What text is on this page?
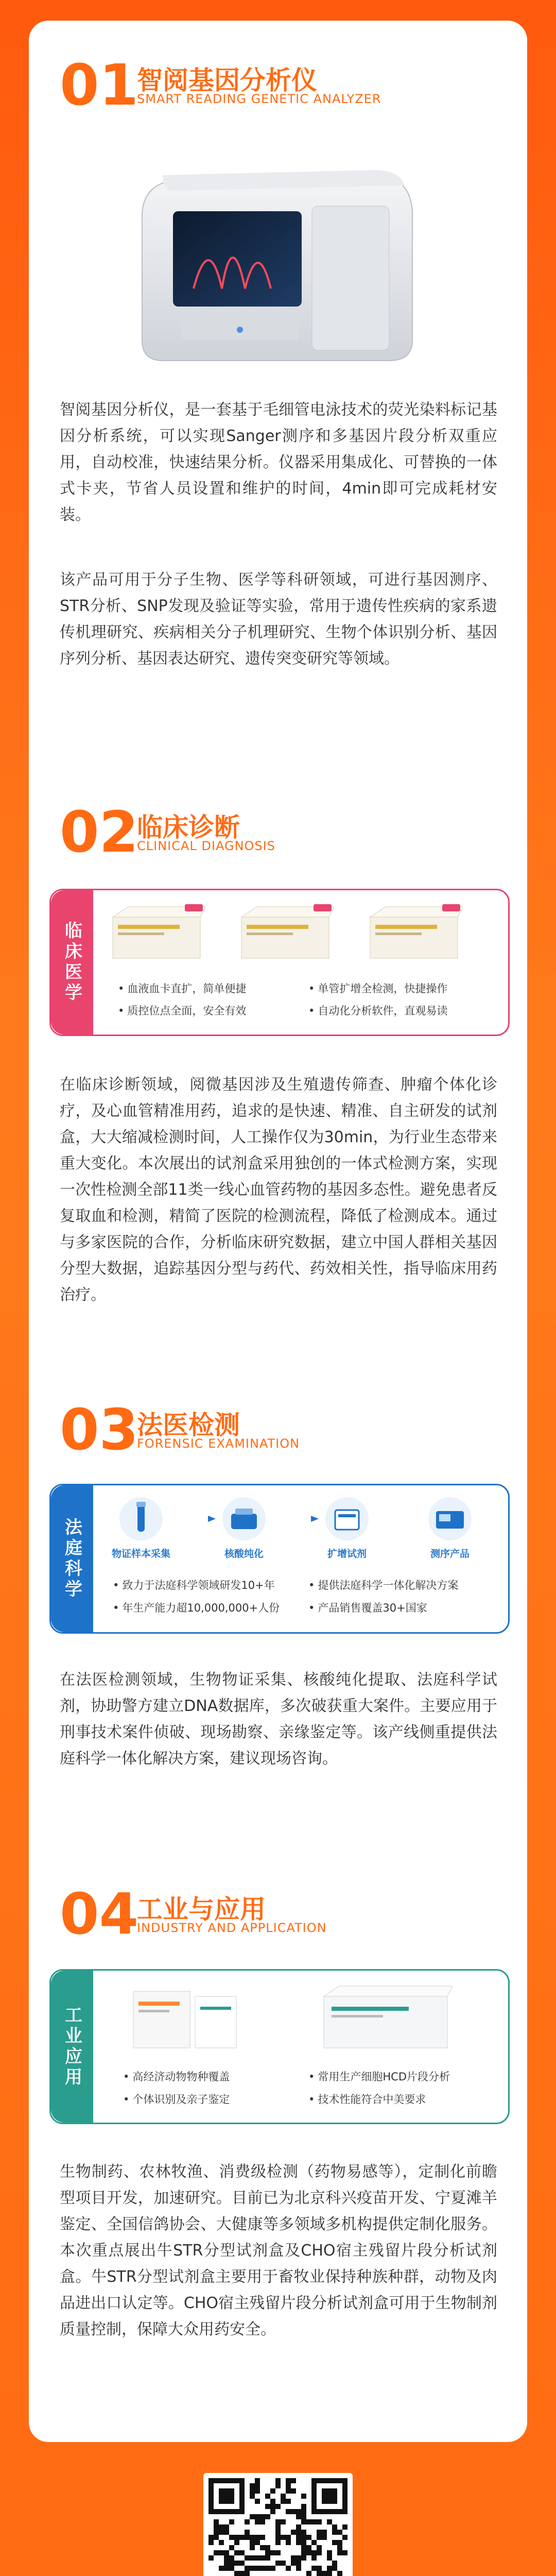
01
智阅基因分析仪
SMART READING GENETIC ANALYZER

智阅基因分析仪，是一套基于毛细管电泳技术的荧光染料标记基因分析系统，可以实现Sanger测序和多基因片段分析双重应用，自动校准，快速结果分析。仪器采用集成化、可替换的一体式卡夹，节省人员设置和维护的时间，4min即可完成耗材安装。

该产品可用于分子生物、医学等科研领域，可进行基因测序、STR分析、SNP发现及验证等实验，常用于遗传性疾病的家系遗传机理研究、疾病相关分子机理研究、生物个体识别分析、基因序列分析、基因表达研究、遗传突变研究等领域。

02
临床诊断
CLINICAL DIAGNOSIS
临床医学	• 血液血卡直扩，简单便捷	• 单管扩增全检测，快捷操作
• 质控位点全面，安全有效	• 自动化分析软件，直观易读

在临床诊断领域，阅微基因涉及生殖遗传筛查、肿瘤个体化诊疗，及心血管精准用药，追求的是快速、精准、自主研发的试剂盒，大大缩减检测时间，人工操作仅为30min，为行业生态带来重大变化。本次展出的试剂盒采用独创的一体式检测方案，实现一次性检测全部11类一线心血管药物的基因多态性。避免患者反复取血和检测，精简了医院的检测流程，降低了检测成本。通过与多家医院的合作，分析临床研究数据，建立中国人群相关基因分型大数据，追踪基因分型与药代、药效相关性，指导临床用药治疗。

03
法医检测
FORENSIC EXAMINATION
法庭科学	物证样本采集	核酸纯化	扩增试剂	测序产品
• 致力于法庭科学领域研发10+年	• 提供法庭科学一体化解决方案
• 年生产能力超10,000,000+人份	• 产品销售覆盖30+国家

在法医检测领域，生物物证采集、核酸纯化提取、法庭科学试剂，协助警方建立DNA数据库，多次破获重大案件。主要应用于刑事技术案件侦破、现场勘察、亲缘鉴定等。该产线侧重提供法庭科学一体化解决方案，建议现场咨询。

04
工业与应用
INDUSTRY AND APPLICATION
工业应用	• 高经济动物物种覆盖	• 常用生产细胞HCD片段分析
• 个体识别及亲子鉴定	• 技术性能符合中美要求

生物制药、农林牧渔、消费级检测（药物易感等），定制化前瞻型项目开发，加速研究。目前已为北京科兴疫苗开发、宁夏滩羊鉴定、全国信鸽协会、大健康等多领域多机构提供定制化服务。本次重点展出牛STR分型试剂盒及CHO宿主残留片段分析试剂盒。牛STR分型试剂盒主要用于畜牧业保持种族种群，动物及肉品进出口认定等。CHO宿主残留片段分析试剂盒可用于生物制剂质量控制，保障大众用药安全。
